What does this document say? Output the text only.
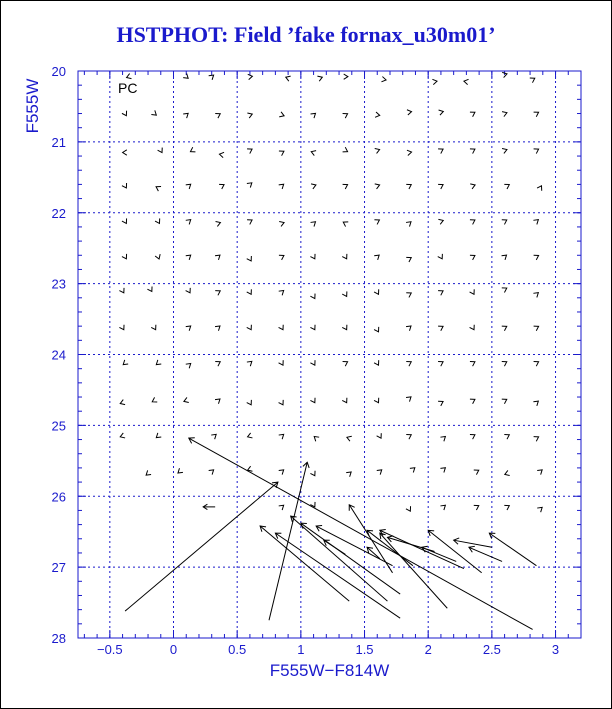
HSTPHOT: Field ’fake fornax_u30m01’
−0.5	0	0.5	1	1.5	2	2.5	3
20
21
22
23
24
25
26
27
28
F555W−F814W
F555W	PC
